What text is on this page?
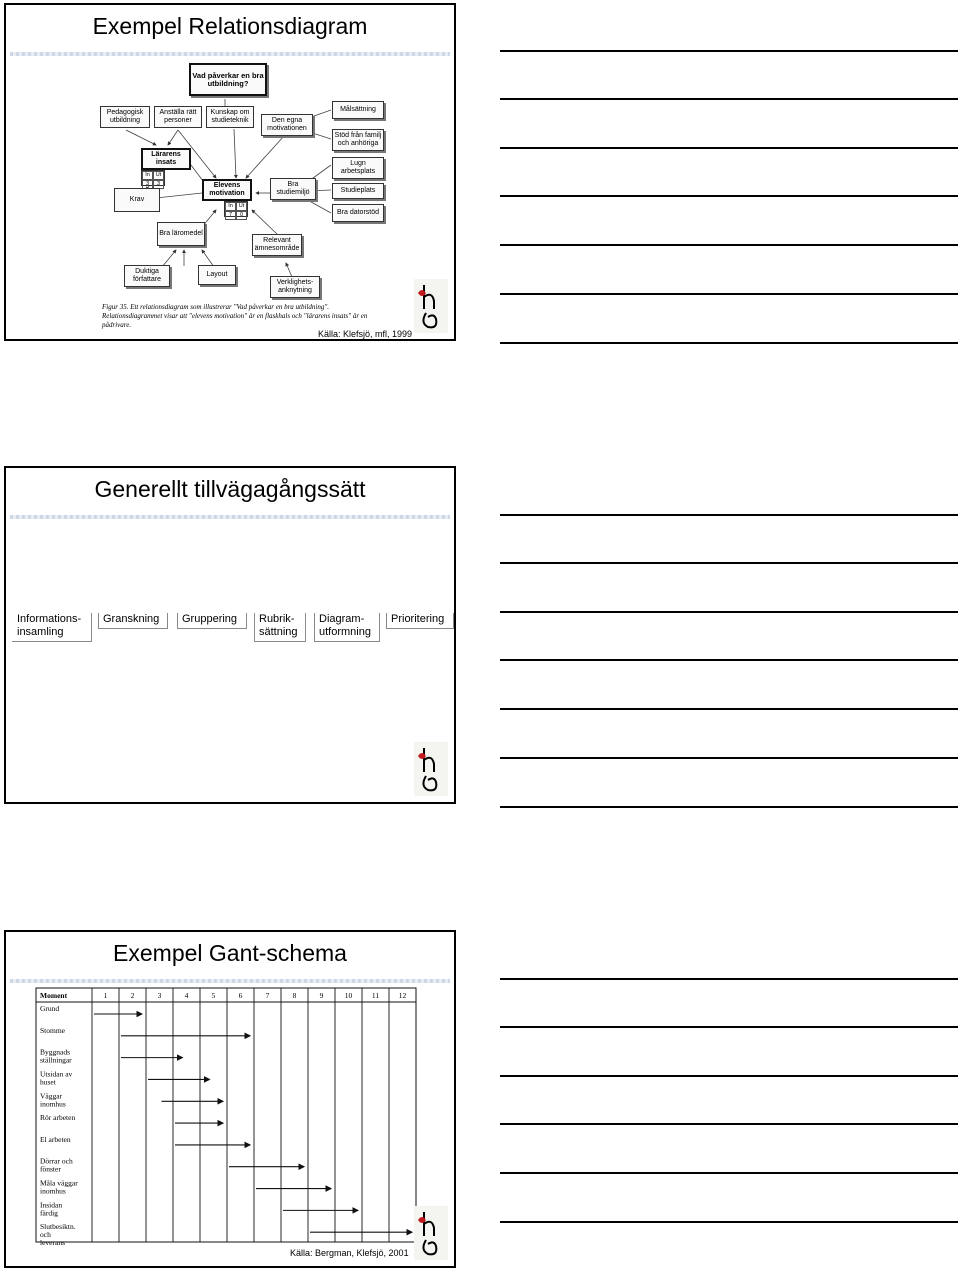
Exempel Relationsdiagram
Vad påverkar en bra utbildning?
Pedagogisk utbildning
Anställa rätt personer
Kunskap om studieteknik	Den egna motivationen
Målsättning
Stöd från familj och anhöriga
Lugn arbetsplats
Studieplats
Bra datorstöd
Lärarens insats
In	Ut
3	3
Krav
Elevens motivation
In	Ut
7	0
Bra studiemiljö
Bra läromedel
Relevant ämnesområde
Duktiga författare
Layout
Verklighets- anknytning
Figur 35. Ett relationsdiagram som illustrerar "Vad påverkar en bra utbildning". Relationsdiagrammet visar att "elevens motivation" är en flaskhals och "lärarens insats" är en pådrivare.
Källa: Klefsjö, mfl, 1999
Generellt tillvägagångssätt
Informations- insamling
Granskning	Gruppering	Rubrik- sättning
Diagram- utformning
Prioritering
Exempel Gant-schema
Moment	1	2	3	4	5	6	7	8	9	10	11	12
Grund
Stomme
Byggnads
ställningar
Utsidan av
huset
Väggar
inomhus
Rör arbeten
El arbeten
Dörrar och
fönster
Måla väggar
inomhus
Insidan
färdig
Slutbesiktn.
och
leverans
Källa: Bergman, Klefsjö, 2001
